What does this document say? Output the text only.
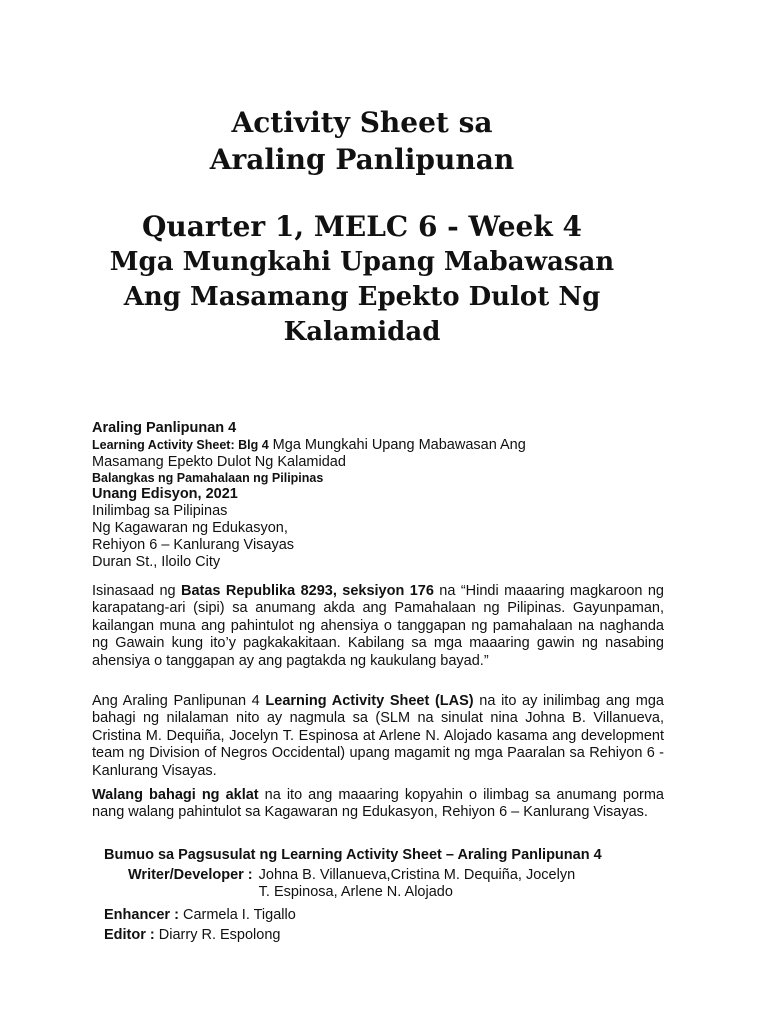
Activity Sheet sa
Araling Panlipunan
Quarter 1, MELC 6 - Week 4
Mga Mungkahi Upang Mabawasan
Ang Masamang Epekto Dulot Ng
Kalamidad
Araling Panlipunan 4
Learning Activity Sheet: Blg 4 Mga Mungkahi Upang Mabawasan Ang
Masamang Epekto Dulot Ng Kalamidad
Balangkas ng Pamahalaan ng Pilipinas
Unang Edisyon, 2021
Inilimbag sa Pilipinas
Ng Kagawaran ng Edukasyon,
Rehiyon 6 – Kanlurang Visayas
Duran St., Iloilo City
Isinasaad ng Batas Republika 8293, seksiyon 176 na “Hindi maaaring magkaroon ng karapatang-ari (sipi) sa anumang akda ang Pamahalaan ng Pilipinas. Gayunpaman, kailangan muna ang pahintulot ng ahensiya o tanggapan ng pamahalaan na naghanda ng Gawain kung ito’y pagkakakitaan. Kabilang sa mga maaaring gawin ng nasabing ahensiya o tanggapan ay ang pagtakda ng kaukulang bayad.”
Ang Araling Panlipunan 4 Learning Activity Sheet (LAS) na ito ay inilimbag ang mga bahagi ng nilalaman nito ay nagmula sa (SLM na sinulat nina Johna B. Villanueva, Cristina M. Dequiña, Jocelyn T. Espinosa at Arlene N. Alojado kasama ang development team ng Division of Negros Occidental) upang magamit ng mga Paaralan sa Rehiyon 6 - Kanlurang Visayas.
Walang bahagi ng aklat na ito ang maaaring kopyahin o ilimbag sa anumang porma nang walang pahintulot sa Kagawaran ng Edukasyon, Rehiyon 6 – Kanlurang Visayas.
Bumuo sa Pagsusulat ng Learning Activity Sheet – Araling Panlipunan 4
Writer/Developer : Johna B. Villanueva,Cristina M. Dequiña, Jocelyn T. Espinosa, Arlene N. Alojado
Enhancer : Carmela I. Tigallo
Editor : Diarry R. Espolong
